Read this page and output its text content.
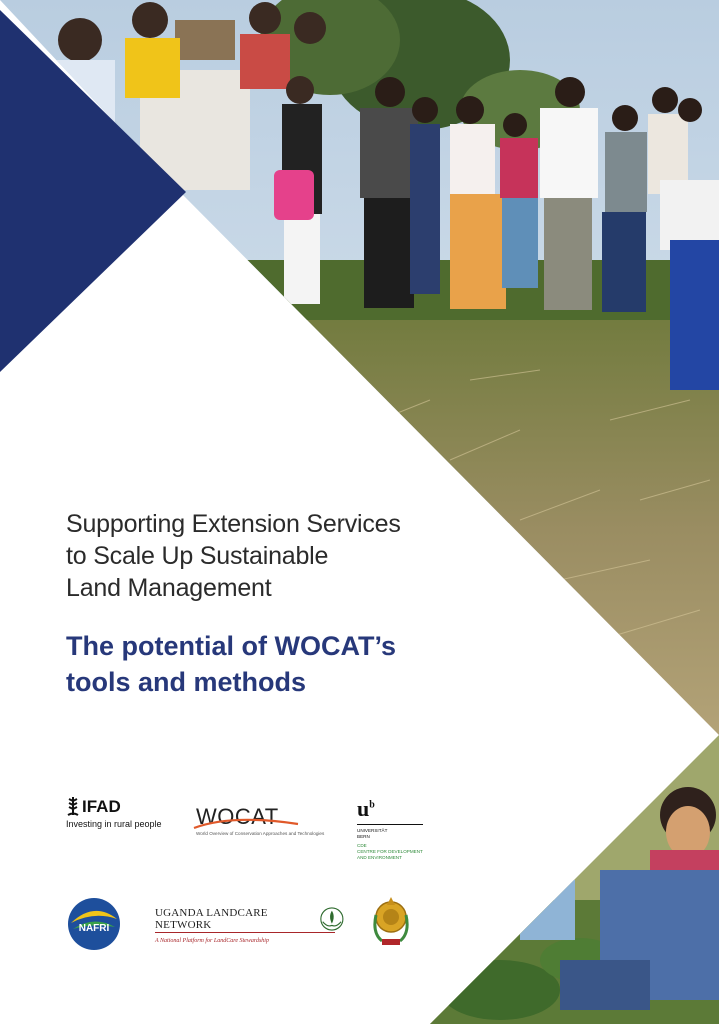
Supporting Extension Services
to Scale Up Sustainable
Land Management
The potential of WOCAT’s
tools and methods
IFAD
Investing in rural people	WOCAT
World Overview of Conservation Approaches and Technologies
$u^b$
UNIVERSITÄT
BERN
CDE
CENTRE FOR DEVELOPMENT
AND ENVIRONMENT
NAFRI
UGANDA LANDCARE NETWORK
A National Platform for LandCare Stewardship
